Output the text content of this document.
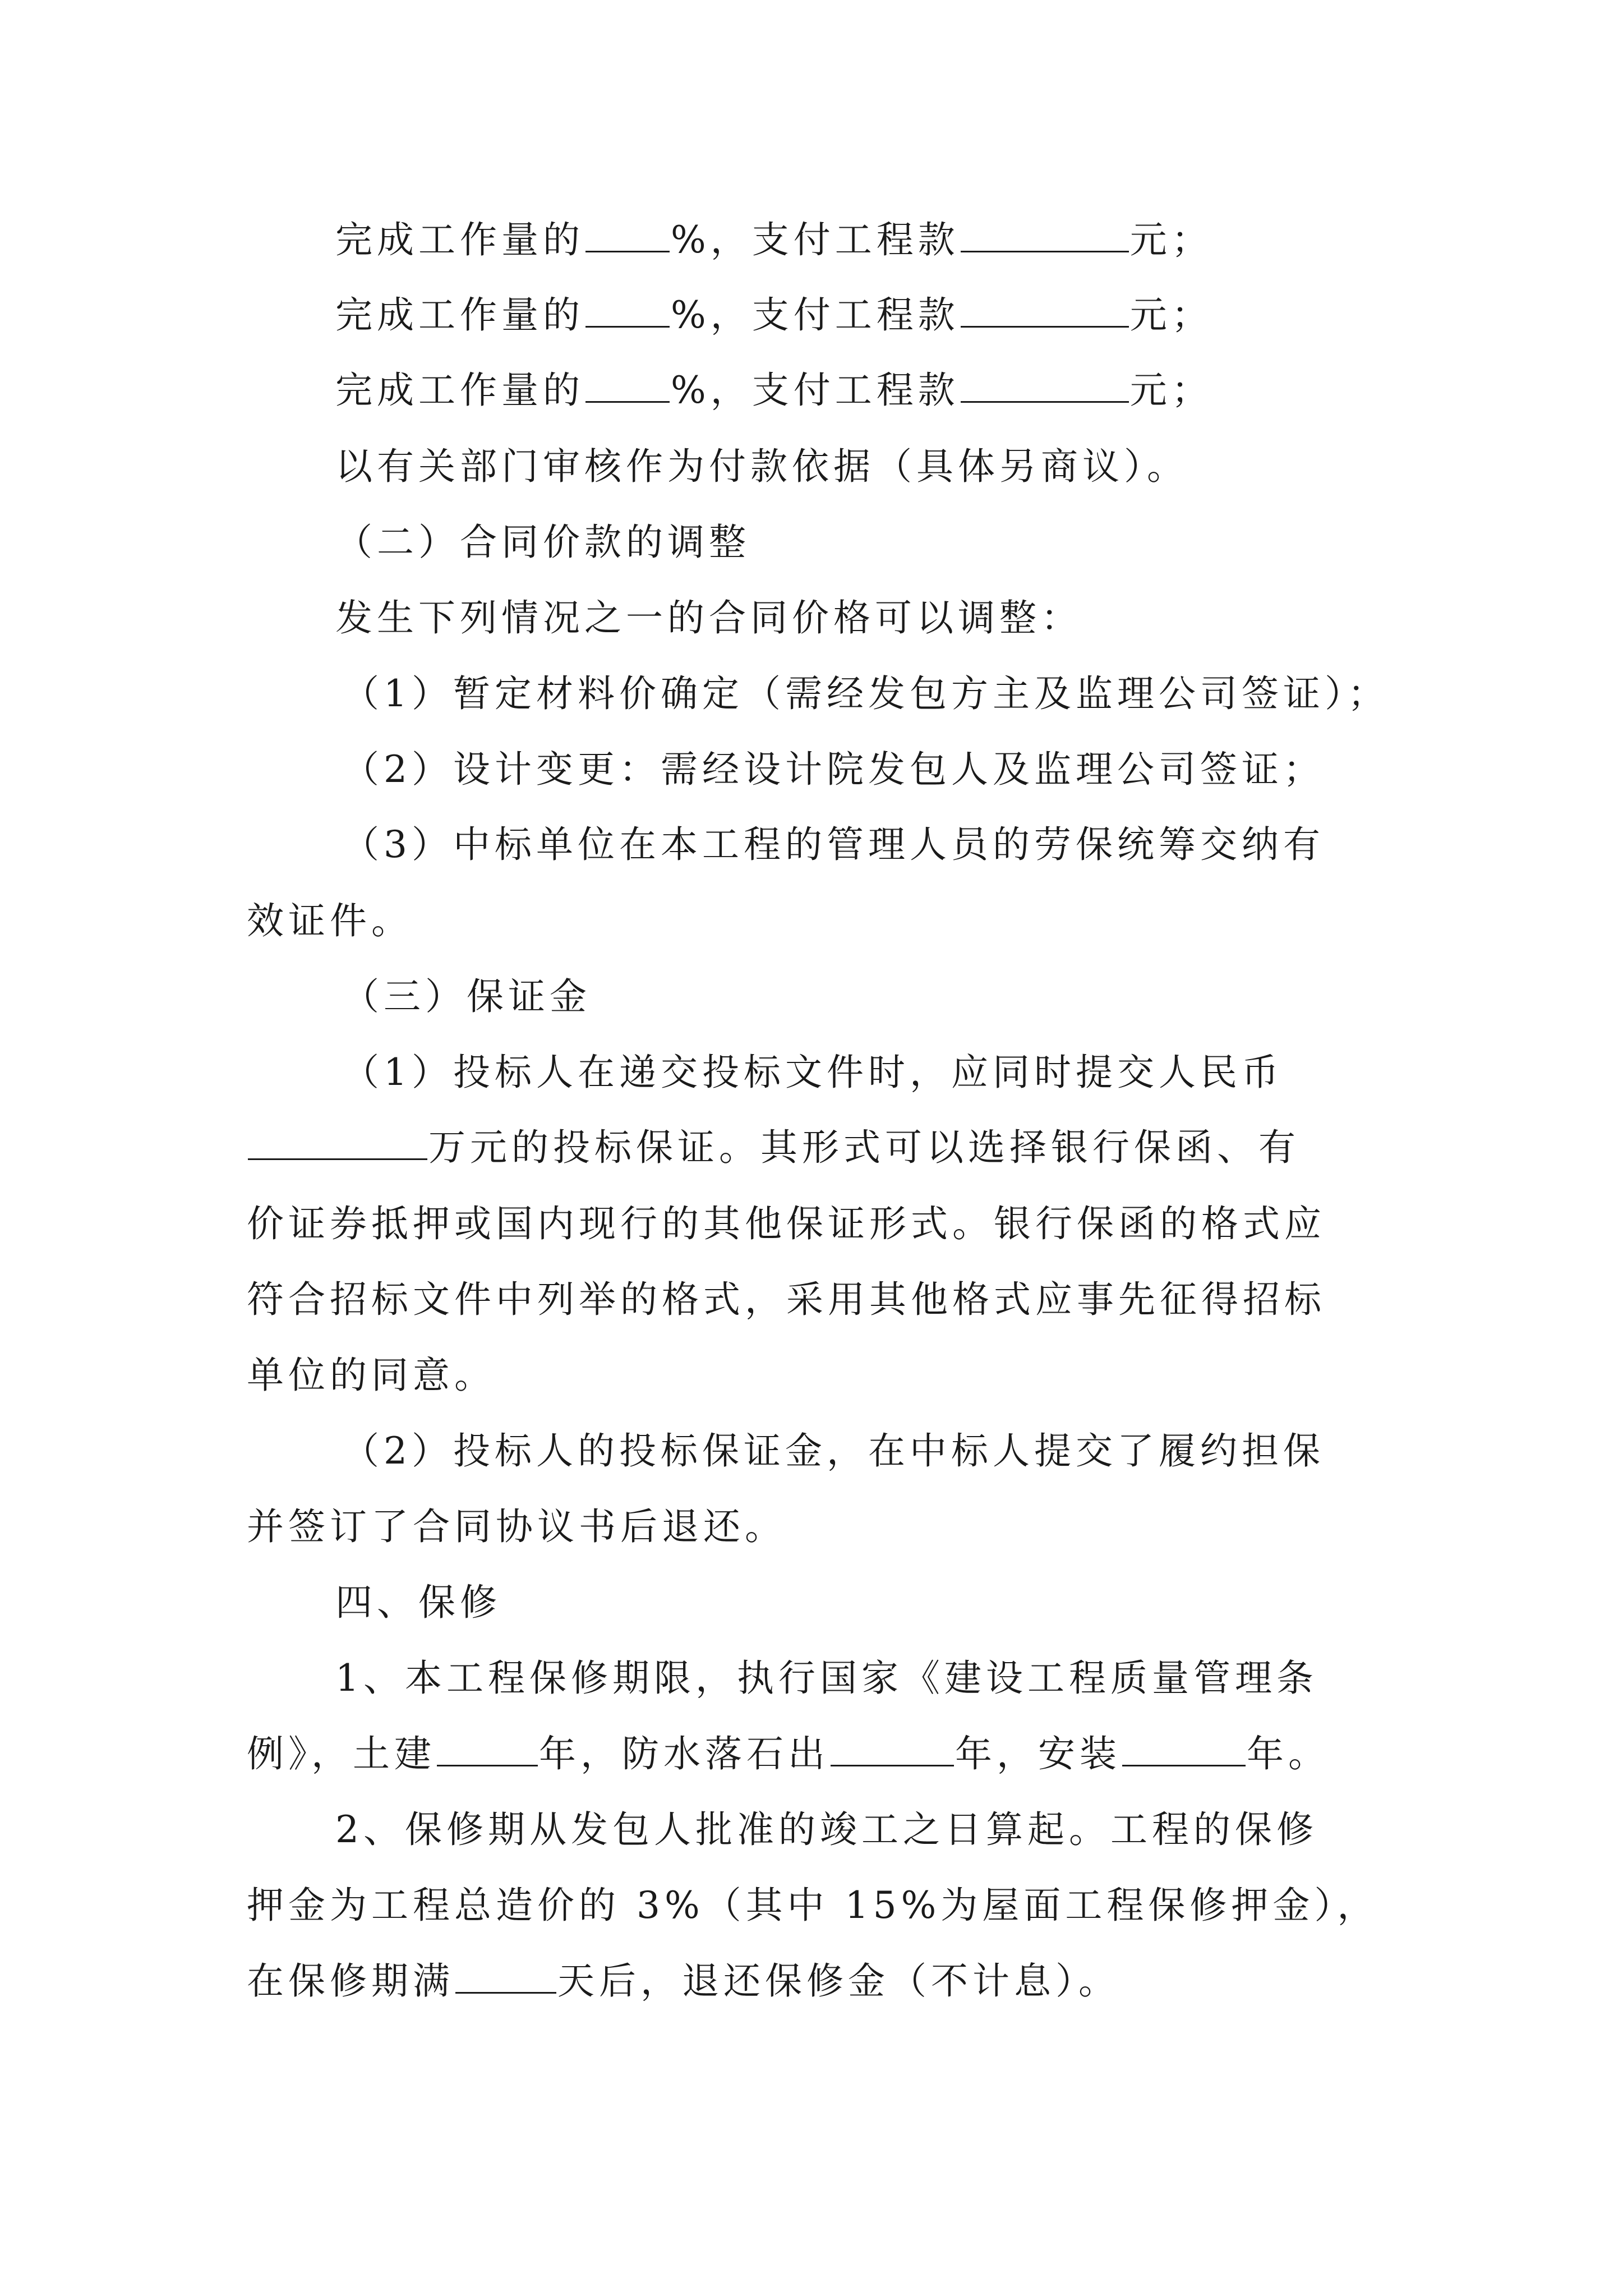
完成工作量的 %，支付工程款	元；
完成工作量的 %，支付工程款	元；
完成工作量的 %，支付工程款	元；
以有关部门审核作为付款依据（具体另商议）。
（二）合同价款的调整
发生下列情况之一的合同价格可以调整：
（1）暂定材料价确定（需经发包方主及监理公司签证）；
（2）设计变更：需经设计院发包人及监理公司签证；
（3）中标单位在本工程的管理人员的劳保统筹交纳有
效证件。
（三）保证金
（1）投标人在递交投标文件时，应同时提交人民币
万元的投标保证。其形式可以选择银行保函、有
价证券抵押或国内现行的其他保证形式。银行保函的格式应
符合招标文件中列举的格式，采用其他格式应事先征得招标
单位的同意。
（2）投标人的投标保证金，在中标人提交了履约担保
并签订了合同协议书后退还。
四、保修
1、本工程保修期限，执行国家《建设工程质量管理条
例》，土建	年，防水落石出	年，安装	年。
2、保修期从发包人批准的竣工之日算起。工程的保修
押金为工程总造价的 3%（其中 15%为屋面工程保修押金），
在保修期满	天后，退还保修金（不计息）。
